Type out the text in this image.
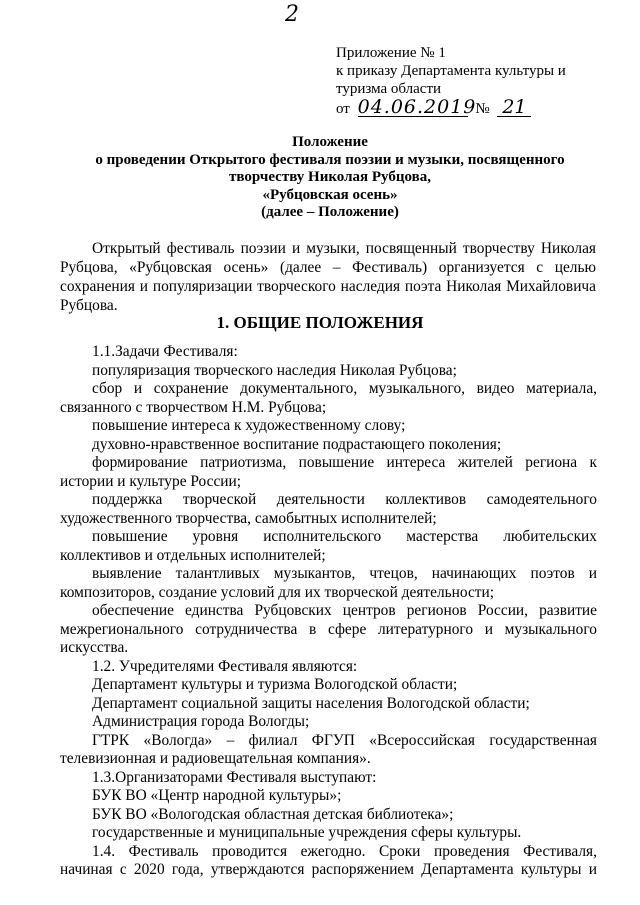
2
Приложение № 1
к приказу Департамента культуры и
туризма области
от 04.06.2019 № 21
Положение
о проведении Открытого фестиваля поэзии и музыки, посвященного
творчеству Николая Рубцова,
«Рубцовская осень»
(далее – Положение)
Открытый фестиваль поэзии и музыки, посвященный творчеству Николая
Рубцова, «Рубцовская осень» (далее – Фестиваль) организуется с целью
сохранения и популяризации творческого наследия поэта Николая Михайловича
Рубцова.
1. ОБЩИЕ ПОЛОЖЕНИЯ
1.1.Задачи Фестиваля:
популяризация творческого наследия Николая Рубцова;
сбор и сохранение документального, музыкального, видео материала,
связанного с творчеством Н.М. Рубцова;
повышение интереса к художественному слову;
духовно-нравственное воспитание подрастающего поколения;
формирование патриотизма, повышение интереса жителей региона к
истории и культуре России;
поддержка творческой деятельности коллективов самодеятельного
художественного творчества, самобытных исполнителей;
повышение уровня исполнительского мастерства любительских
коллективов и отдельных исполнителей;
выявление талантливых музыкантов, чтецов, начинающих поэтов и
композиторов, создание условий для их творческой деятельности;
обеспечение единства Рубцовских центров регионов России, развитие
межрегионального сотрудничества в сфере литературного и музыкального
искусства.
1.2. Учредителями Фестиваля являются:
Департамент культуры и туризма Вологодской области;
Департамент социальной защиты населения Вологодской области;
Администрация города Вологды;
ГТРК «Вологда» – филиал ФГУП «Всероссийская государственная
телевизионная и радиовещательная компания».
1.3.Организаторами Фестиваля выступают:
БУК ВО «Центр народной культуры»;
БУК ВО «Вологодская областная детская библиотека»;
государственные и муниципальные учреждения сферы культуры.
1.4. Фестиваль проводится ежегодно. Сроки проведения Фестиваля,
начиная с 2020 года, утверждаются распоряжением Департамента культуры и
